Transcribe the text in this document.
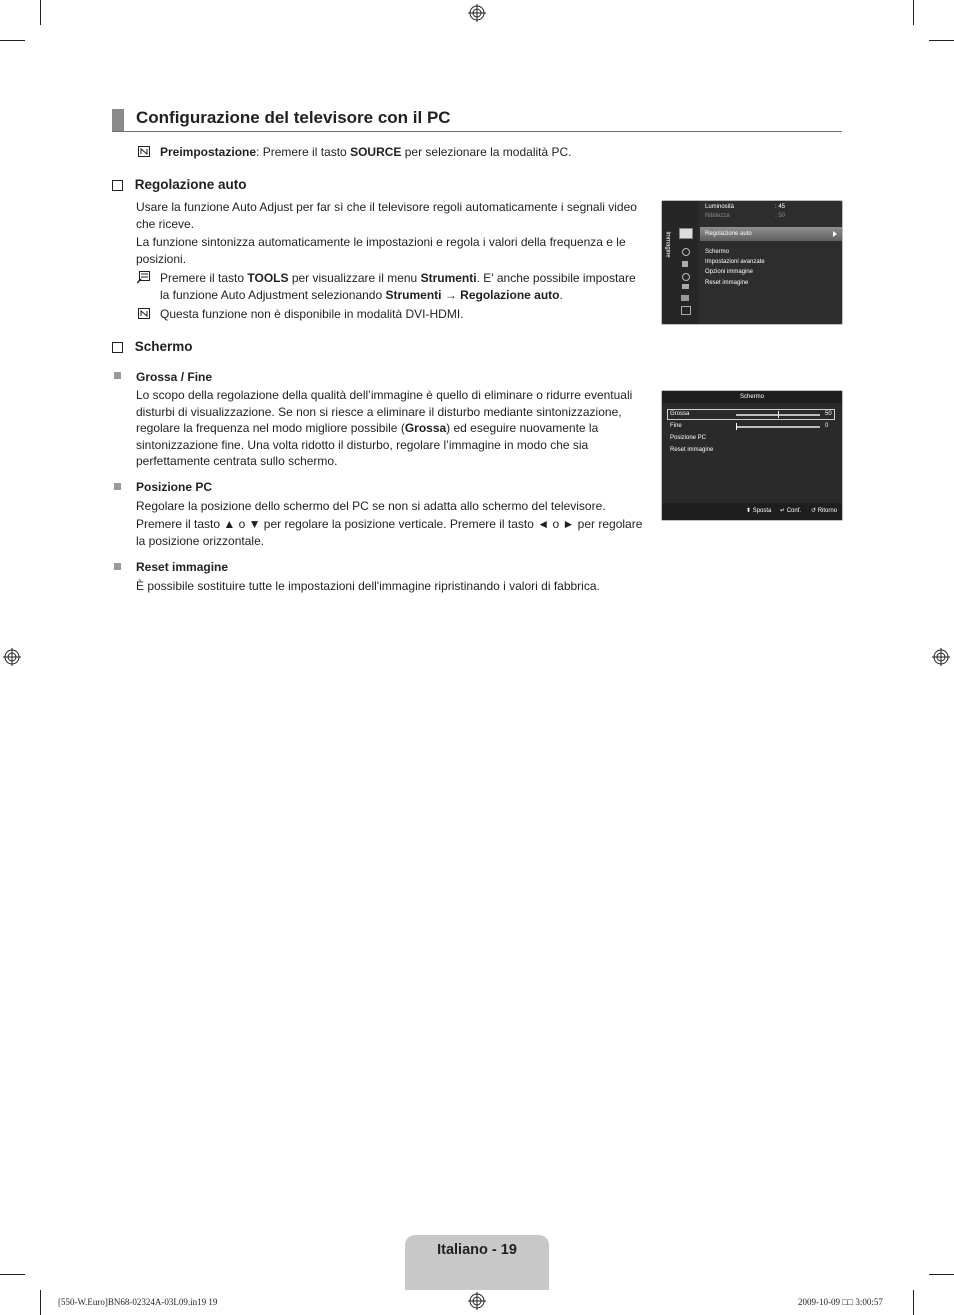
Configurazione del televisore con il PC
Preimpostazione: Premere il tasto SOURCE per selezionare la modalità PC.
Regolazione auto
Usare la funzione Auto Adjust per far sì che il televisore regoli automaticamente i segnali video
che riceve.
La funzione sintonizza automaticamente le impostazioni e regola i valori della frequenza e le
posizioni.
Premere il tasto TOOLS per visualizzare il menu Strumenti. E' anche possibile impostare
la funzione Auto Adjustment selezionando Strumenti → Regolazione auto.
Questa funzione non è disponibile in modalità DVI-HDMI.
Immagine
Luminosità	: 45
Nitidezza	: 50
Regolazione auto
Schermo
Impostazioni avanzate
Opzioni immagine
Reset immagine
Schermo
Grossa / Fine
Lo scopo della regolazione della qualità dell’immagine è quello di eliminare o ridurre eventuali
disturbi di visualizzazione. Se non si riesce a eliminare il disturbo mediante sintonizzazione,
regolare la frequenza nel modo migliore possibile (Grossa) ed eseguire nuovamente la
sintonizzazione fine. Una volta ridotto il disturbo, regolare l’immagine in modo che sia
perfettamente centrata sullo schermo.
Posizione PC
Regolare la posizione dello schermo del PC se non si adatta allo schermo del televisore.
Premere il tasto ▲ o ▼ per regolare la posizione verticale. Premere il tasto ◄ o ► per regolare
la posizione orizzontale.
Reset immagine
È possibile sostituire tutte le impostazioni dell'immagine ripristinando i valori di fabbrica.
Schermo
Grossa	50
Fine	0
Posizione PC
Reset immagine
⬍ Sposta ↵ Conf. ↺ Ritorno
Italiano - 19
[550-W.Euro]BN68-02324A-03L09.in19 19	2009-10-09 □□ 3:00:57
